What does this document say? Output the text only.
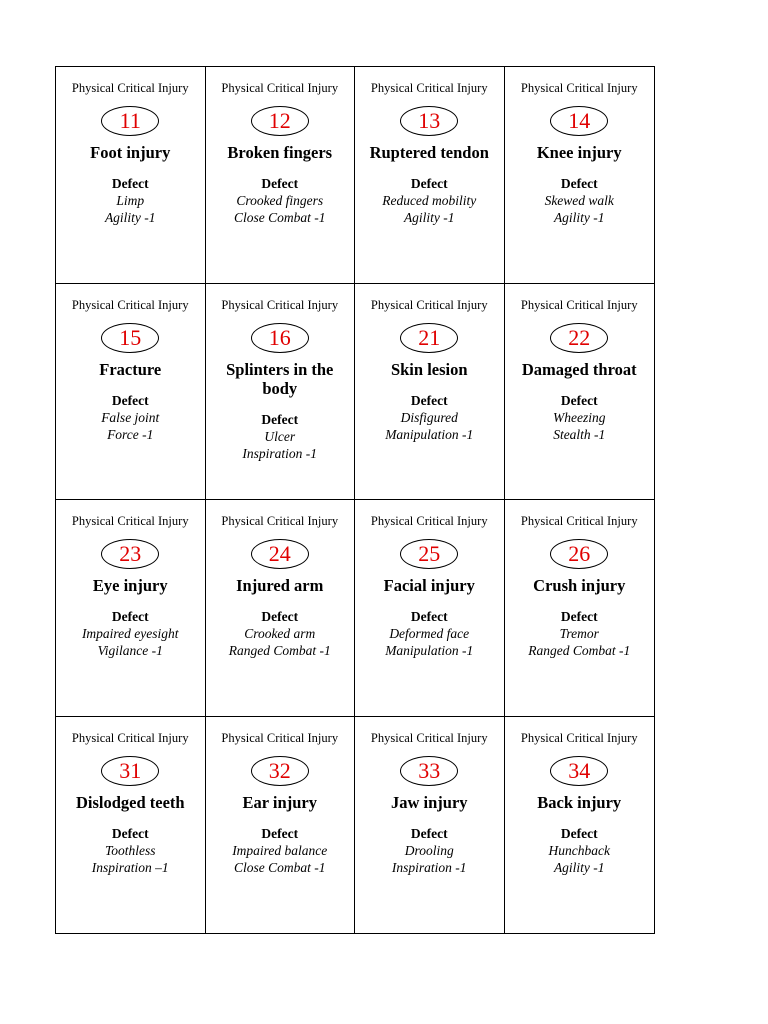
Physical Critical Injury
11
Foot injury
Defect
Limp
Agility -1
Physical Critical Injury
12
Broken fingers
Defect
Crooked fingers
Close Combat -1
Physical Critical Injury
13
Ruptered tendon
Defect
Reduced mobility
Agility -1
Physical Critical Injury
14
Knee injury
Defect
Skewed walk
Agility -1
Physical Critical Injury
15
Fracture
Defect
False joint
Force -1
Physical Critical Injury
16
Splinters in the body
Defect
Ulcer
Inspiration -1
Physical Critical Injury
21
Skin lesion
Defect
Disfigured
Manipulation -1
Physical Critical Injury
22
Damaged throat
Defect
Wheezing
Stealth -1
Physical Critical Injury
23
Eye injury
Defect
Impaired eyesight
Vigilance -1
Physical Critical Injury
24
Injured arm
Defect
Crooked arm
Ranged Combat -1
Physical Critical Injury
25
Facial injury
Defect
Deformed face
Manipulation -1
Physical Critical Injury
26
Crush injury
Defect
Tremor
Ranged Combat -1
Physical Critical Injury
31
Dislodged teeth
Defect
Toothless
Inspiration –1
Physical Critical Injury
32
Ear injury
Defect
Impaired balance
Close Combat -1
Physical Critical Injury
33
Jaw injury
Defect
Drooling
Inspiration -1
Physical Critical Injury
34
Back injury
Defect
Hunchback
Agility -1
